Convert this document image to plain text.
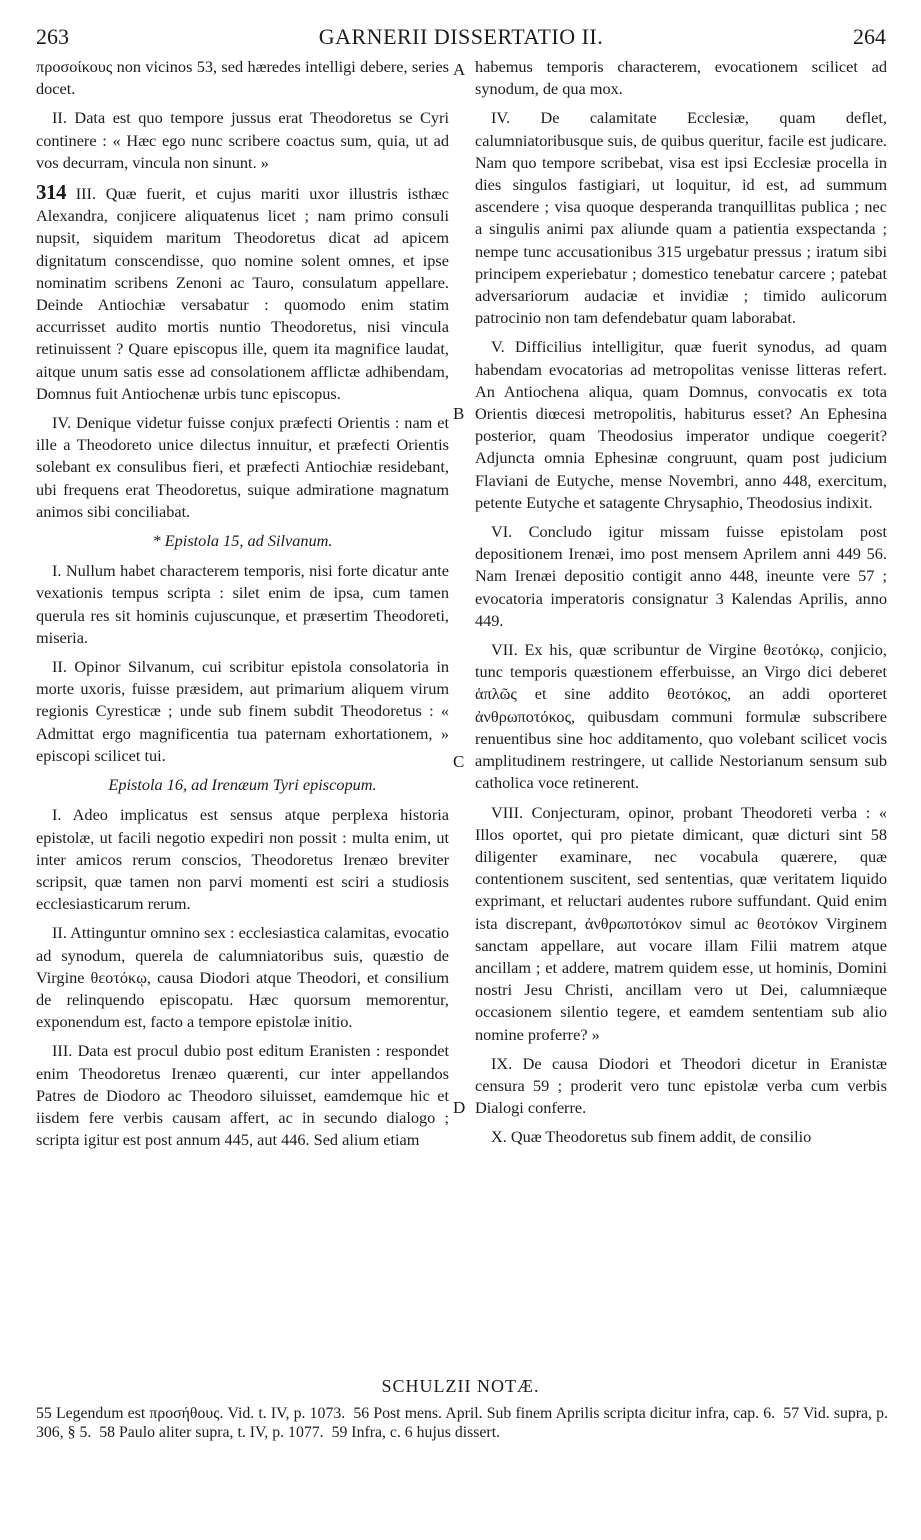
263	GARNERII DISSERTATIO II.	264
A
B
C
D

προσοίκους non vicinos 53, sed hæredes intelligi debere, series docet.

II. Data est quo tempore jussus erat Theodoretus se Cyri continere : « Hæc ego nunc scribere coactus sum, quia, ut ad vos decurram, vincula non sinunt. »

314 III. Quæ fuerit, et cujus mariti uxor illustris isthæc Alexandra, conjicere aliquatenus licet ; nam primo consuli nupsit, siquidem maritum Theodoretus dicat ad apicem dignitatum conscendisse, quo nomine solent omnes, et ipse nominatim scribens Zenoni ac Tauro, consulatum appellare. Deinde Antiochiæ versabatur : quomodo enim statim accurrisset audito mortis nuntio Theodoretus, nisi vincula retinuissent ? Quare episcopus ille, quem ita magnifice laudat, aitque unum satis esse ad consolationem afflictæ adhibendam, Domnus fuit Antiochenæ urbis tunc episcopus.

IV. Denique videtur fuisse conjux præfecti Orientis : nam et ille a Theodoreto unice dilectus innuitur, et præfecti Orientis solebant ex consulibus fieri, et præfecti Antiochiæ residebant, ubi frequens erat Theodoretus, suique admiratione magnatum animos sibi conciliabat.

* Epistola 15, ad Silvanum.

I. Nullum habet characterem temporis, nisi forte dicatur ante vexationis tempus scripta : silet enim de ipsa, cum tamen querula res sit hominis cujuscunque, et præsertim Theodoreti, miseria.

II. Opinor Silvanum, cui scribitur epistola consolatoria in morte uxoris, fuisse præsidem, aut primarium aliquem virum regionis Cyresticæ ; unde sub finem subdit Theodoretus : « Admittat ergo magnificentia tua paternam exhortationem, » episcopi scilicet tui.

Epistola 16, ad Irenæum Tyri episcopum.

I. Adeo implicatus est sensus atque perplexa historia epistolæ, ut facili negotio expediri non possit : multa enim, ut inter amicos rerum conscios, Theodoretus Irenæo breviter scripsit, quæ tamen non parvi momenti est sciri a studiosis ecclesiasticarum rerum.

II. Attinguntur omnino sex : ecclesiastica calamitas, evocatio ad synodum, querela de calumniatoribus suis, quæstio de Virgine θεοτόκῳ, causa Diodori atque Theodori, et consilium de relinquendo episcopatu. Hæc quorsum memorentur, exponendum est, facto a tempore epistolæ initio.

III. Data est procul dubio post editum Eranisten : respondet enim Theodoretus Irenæo quærenti, cur inter appellandos Patres de Diodoro ac Theodoro siluisset, eamdemque hic et iisdem fere verbis causam affert, ac in secundo dialogo ; scripta igitur est post annum 445, aut 446. Sed alium etiam

habemus temporis characterem, evocationem scilicet ad synodum, de qua mox.

IV. De calamitate Ecclesiæ, quam deflet, calumniatoribusque suis, de quibus queritur, facile est judicare. Nam quo tempore scribebat, visa est ipsi Ecclesiæ procella in dies singulos fastigiari, ut loquitur, id est, ad summum ascendere ; visa quoque desperanda tranquillitas publica ; nec a singulis animi pax aliunde quam a patientia exspectanda ; nempe tunc accusationibus 315 urgebatur pressus ; iratum sibi principem experiebatur ; domestico tenebatur carcere ; patebat adversariorum audaciæ et invidiæ ; timido aulicorum patrocinio non tam defendebatur quam laborabat.

V. Difficilius intelligitur, quæ fuerit synodus, ad quam habendam evocatorias ad metropolitas venisse litteras refert. An Antiochena aliqua, quam Domnus, convocatis ex tota Orientis diœcesi metropolitis, habiturus esset? An Ephesina posterior, quam Theodosius imperator undique coegerit? Adjuncta omnia Ephesinæ congruunt, quam post judicium Flaviani de Eutyche, mense Novembri, anno 448, exercitum, petente Eutyche et satagente Chrysaphio, Theodosius indixit.

VI. Concludo igitur missam fuisse epistolam post depositionem Irenæi, imo post mensem Aprilem anni 449 56. Nam Irenæi depositio contigit anno 448, ineunte vere 57 ; evocatoria imperatoris consignatur 3 Kalendas Aprilis, anno 449.

VII. Ex his, quæ scribuntur de Virgine θεοτόκῳ, conjicio, tunc temporis quæstionem efferbuisse, an Virgo dici deberet ἁπλῶς et sine addito θεοτόκος, an addi oporteret ἀνθρωποτόκος, quibusdam communi formulæ subscribere renuentibus sine hoc additamento, quo volebant scilicet vocis amplitudinem restringere, ut callide Nestorianum sensum sub catholica voce retinerent.

VIII. Conjecturam, opinor, probant Theodoreti verba : « Illos oportet, qui pro pietate dimicant, quæ dicturi sint 58 diligenter examinare, nec vocabula quærere, quæ contentionem suscitent, sed sententias, quæ veritatem liquido exprimant, et reluctari audentes rubore suffundant. Quid enim ista discrepant, ἀνθρωποτόκον simul ac θεοτόκον Virginem sanctam appellare, aut vocare illam Filii matrem atque ancillam ; et addere, matrem quidem esse, ut hominis, Domini nostri Jesu Christi, ancillam vero ut Dei, calumniæque occasionem silentio tegere, et eamdem sententiam sub alio nomine proferre? »

IX. De causa Diodori et Theodori dicetur in Eranistæ censura 59 ; proderit vero tunc epistolæ verba cum verbis Dialogi conferre.

X. Quæ Theodoretus sub finem addit, de consilio

SCHULZII NOTÆ.
55 Legendum est προσήθους. Vid. t. IV, p. 1073. 56 Post mens. April. Sub finem Aprilis scripta dicitur infra, cap. 6. 57 Vid. supra, p. 306, § 5. 58 Paulo aliter supra, t. IV, p. 1077. 59 Infra, c. 6 hujus dissert.
